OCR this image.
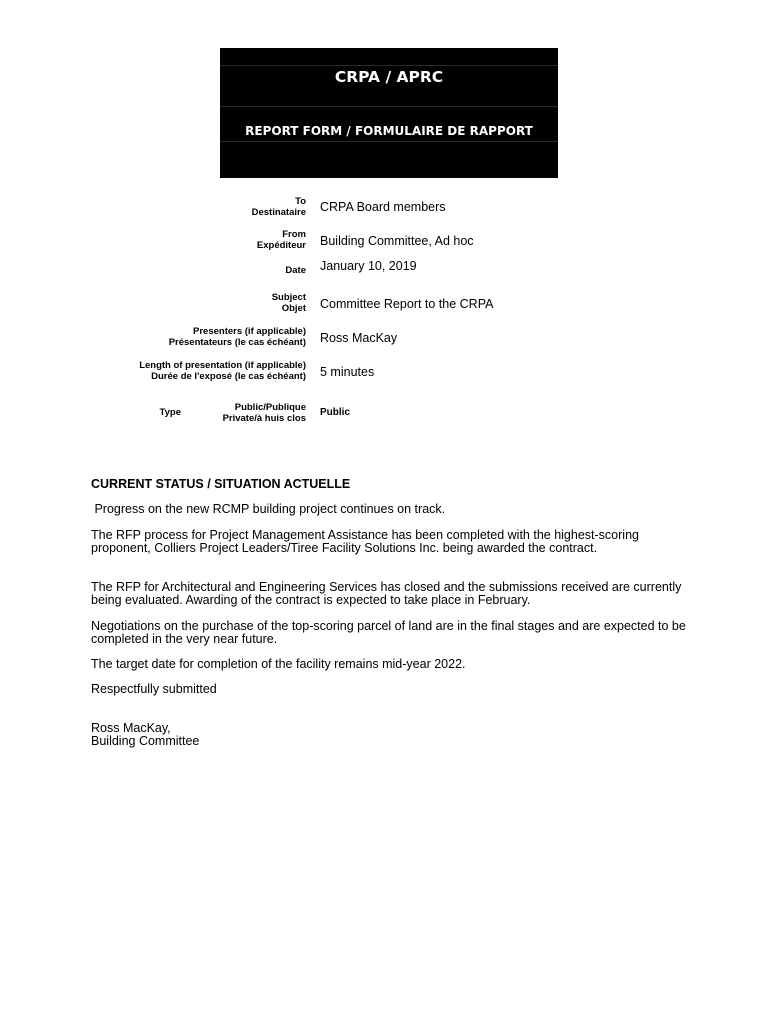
CRPA / APRC
REPORT FORM / FORMULAIRE DE RAPPORT
To
Destinataire CRPA Board members
From
Expéditeur Building Committee, Ad hoc
Date January 10, 2019
Subject
Objet Committee Report to the CRPA
Presenters (if applicable)
Présentateurs (le cas échéant) Ross MacKay
Length of presentation (if applicable)
Durée de l'exposé (le cas échéant) 5 minutes
Type	Public/Publique
Private/à huis clos Public
CURRENT STATUS / SITUATION ACTUELLE
Progress on the new RCMP building project continues on track.
The RFP process for Project Management Assistance has been completed with the highest-scoring proponent, Colliers Project Leaders/Tiree Facility Solutions Inc. being awarded the contract.
The RFP for Architectural and Engineering Services has closed and the submissions received are currently being evaluated. Awarding of the contract is expected to take place in February.
Negotiations on the purchase of the top-scoring parcel of land are in the final stages and are expected to be completed in the very near future.
The target date for completion of the facility remains mid-year 2022.
Respectfully submitted
Ross MacKay,
Building Committee
